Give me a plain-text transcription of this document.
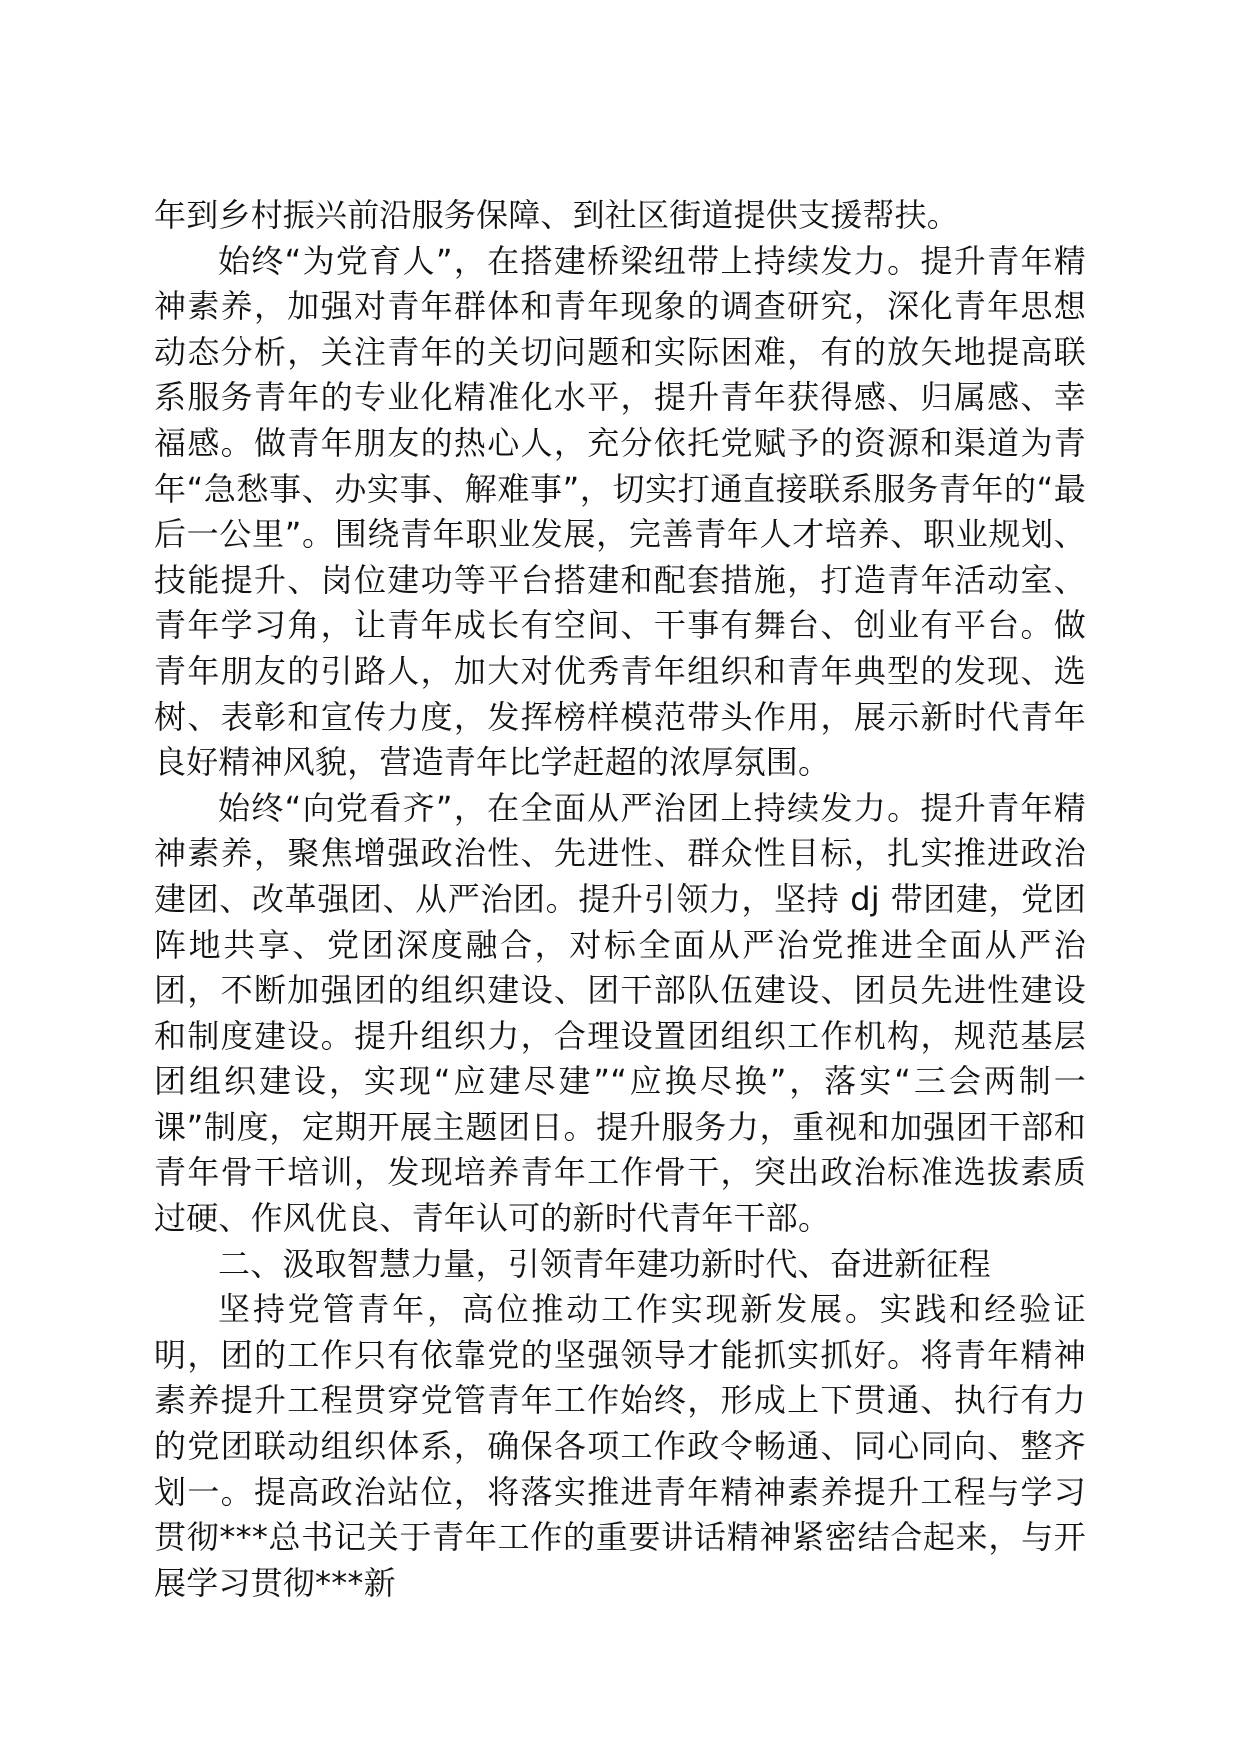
年到乡村振兴前沿服务保障、到社区街道提供支援帮扶。

始终“为党育人”，在搭建桥梁纽带上持续发力。提升青年精神素养，加强对青年群体和青年现象的调查研究，深化青年思想动态分析，关注青年的关切问题和实际困难，有的放矢地提高联系服务青年的专业化精准化水平，提升青年获得感、归属感、幸福感。做青年朋友的热心人，充分依托党赋予的资源和渠道为青年“急愁事、办实事、解难事”，切实打通直接联系服务青年的“最后一公里”。围绕青年职业发展，完善青年人才培养、职业规划、技能提升、岗位建功等平台搭建和配套措施，打造青年活动室、青年学习角，让青年成长有空间、干事有舞台、创业有平台。做青年朋友的引路人，加大对优秀青年组织和青年典型的发现、选树、表彰和宣传力度，发挥榜样模范带头作用，展示新时代青年良好精神风貌，营造青年比学赶超的浓厚氛围。

始终“向党看齐”，在全面从严治团上持续发力。提升青年精神素养，聚焦增强政治性、先进性、群众性目标，扎实推进政治建团、改革强团、从严治团。提升引领力，坚持 dj 带团建，党团阵地共享、党团深度融合，对标全面从严治党推进全面从严治团，不断加强团的组织建设、团干部队伍建设、团员先进性建设和制度建设。提升组织力，合理设置团组织工作机构，规范基层团组织建设，实现“应建尽建”“应换尽换”，落实“三会两制一课”制度，定期开展主题团日。提升服务力，重视和加强团干部和青年骨干培训，发现培养青年工作骨干，突出政治标准选拔素质过硬、作风优良、青年认可的新时代青年干部。

二、汲取智慧力量，引领青年建功新时代、奋进新征程

坚持党管青年，高位推动工作实现新发展。实践和经验证明，团的工作只有依靠党的坚强领导才能抓实抓好。将青年精神素养提升工程贯穿党管青年工作始终，形成上下贯通、执行有力的党团联动组织体系，确保各项工作政令畅通、同心同向、整齐划一。提高政治站位，将落实推进青年精神素养提升工程与学习贯彻***总书记关于青年工作的重要讲话精神紧密结合起来，与开展学习贯彻***新
